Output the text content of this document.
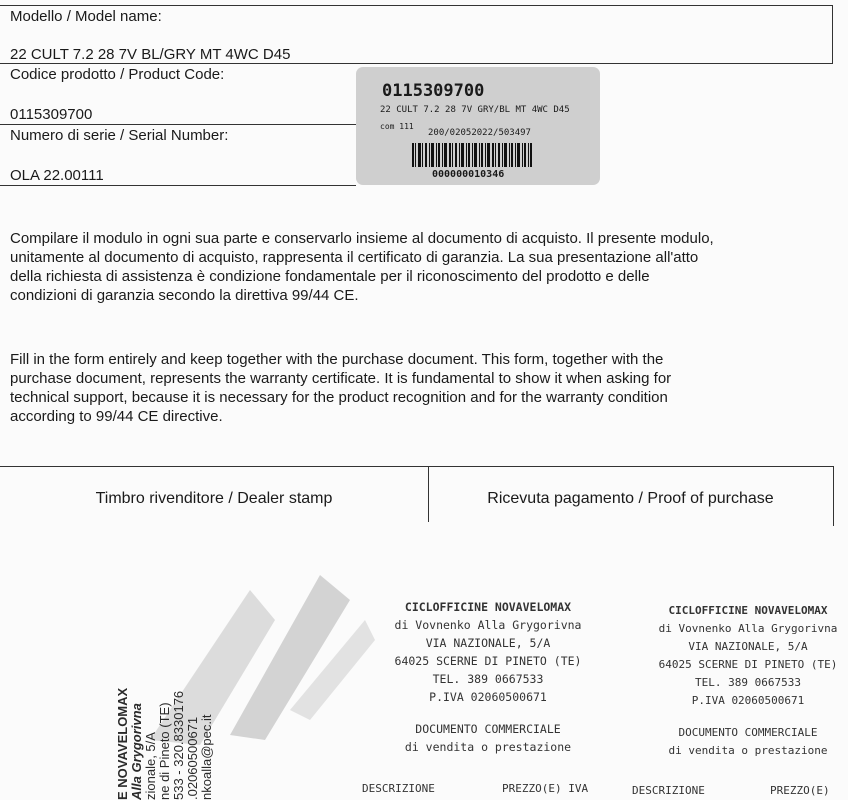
Modello / Model name:
22 CULT 7.2 28 7V BL/GRY MT 4WC D45
Codice prodotto / Product Code:
0115309700
Numero di serie / Serial Number:
OLA 22.00111
0115309700
22 CULT 7.2 28 7V GRY/BL MT 4WC D45
com 111
200/02052022/503497
000000010346
Compilare il modulo in ogni sua parte e conservarlo insieme al documento di acquisto. Il presente modulo,
unitamente al documento di acquisto, rappresenta il certificato di garanzia. La sua presentazione all'atto
della richiesta di assistenza è condizione fondamentale per il riconoscimento del prodotto e delle
condizioni di garanzia secondo la direttiva 99/44 CE.
Fill in the form entirely and keep together with the purchase document. This form, together with the
purchase document, represents the warranty certificate. It is fundamental to show it when asking for
technical support, because it is necessary for the product recognition and for the warranty condition
according to 99/44 CE directive.
Timbro rivenditore / Dealer stamp	Ricevuta pagamento / Proof of purchase
E NOVAVELOMAX Alla Grygorivna zionale, 5/A ne di Pineto (TE) 533 - 320.8330176 .02060500671 nkoalla@pec.it
CICLOFFICINE NOVAVELOMAX
di Vovnenko Alla Grygorivna
VIA NAZIONALE, 5/A
64025 SCERNE DI PINETO (TE)
TEL. 389 0667533
P.IVA 02060500671
DOCUMENTO COMMERCIALE
di vendita o prestazione
DESCRIZIONE	PREZZO(E) IVA
CICLOFFICINE NOVAVELOMAX
di Vovnenko Alla Grygorivna
VIA NAZIONALE, 5/A
64025 SCERNE DI PINETO (TE)
TEL. 389 0667533
P.IVA 02060500671
DOCUMENTO COMMERCIALE
di vendita o prestazione
DESCRIZIONE	PREZZO(E)
